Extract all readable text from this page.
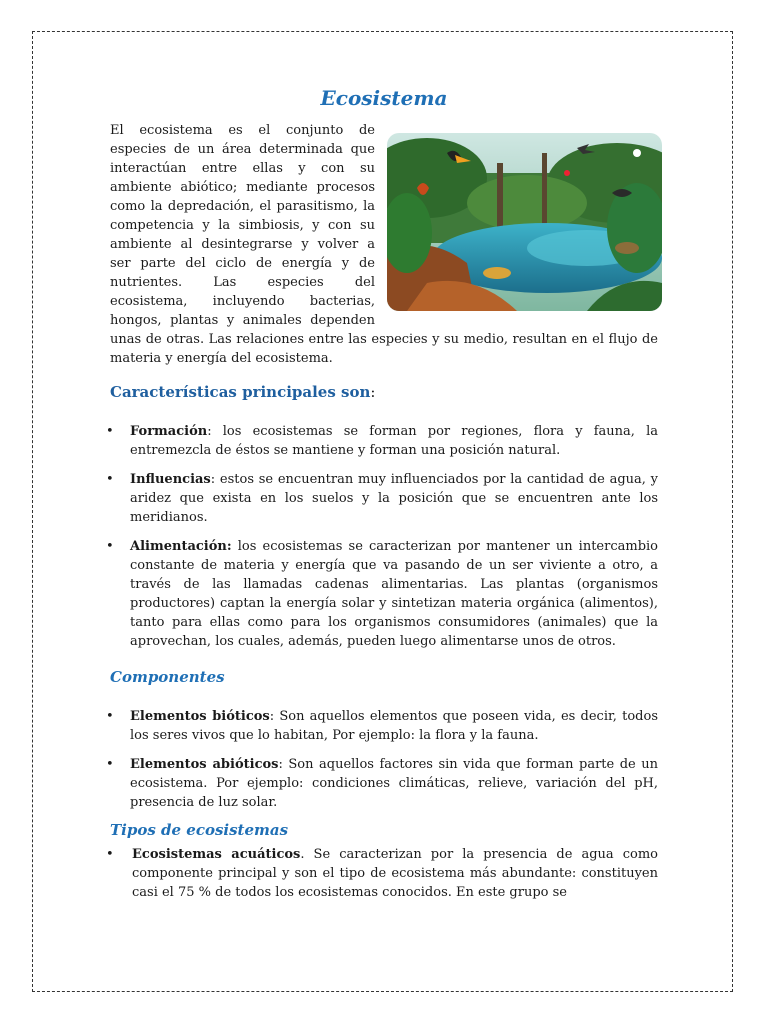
Ecosistema
El ecosistema es el conjunto de especies de un área determinada que interactúan entre ellas y con su ambiente abiótico; mediante procesos como la depredación, el parasitismo, la competencia y la simbiosis, y con su ambiente al desintegrarse y volver a ser parte del ciclo de energía y de nutrientes. Las especies del ecosistema, incluyendo bacterias, hongos, plantas y animales dependen unas de otras. Las relaciones entre las especies y su medio, resultan en el flujo de materia y energía del ecosistema.
Características principales son:
• Formación: los ecosistemas se forman por regiones, flora y fauna, la entremezcla de éstos se mantiene y forman una posición natural.
• Influencias: estos se encuentran muy influenciados por la cantidad de agua, y aridez que exista en los suelos y la posición que se encuentren ante los meridianos.
• Alimentación: los ecosistemas se caracterizan por mantener un intercambio constante de materia y energía que va pasando de un ser viviente a otro, a través de las llamadas cadenas alimentarias. Las plantas (organismos productores) captan la energía solar y sintetizan materia orgánica (alimentos), tanto para ellas como para los organismos consumidores (animales) que la aprovechan, los cuales, además, pueden luego alimentarse unos de otros.
Componentes
• Elementos bióticos: Son aquellos elementos que poseen vida, es decir, todos los seres vivos que lo habitan, Por ejemplo: la flora y la fauna.
• Elementos abióticos: Son aquellos factores sin vida que forman parte de un ecosistema. Por ejemplo: condiciones climáticas, relieve, variación del pH, presencia de luz solar.
Tipos de ecosistemas
• Ecosistemas acuáticos. Se caracterizan por la presencia de agua como componente principal y son el tipo de ecosistema más abundante: constituyen casi el 75 % de todos los ecosistemas conocidos. En este grupo se
